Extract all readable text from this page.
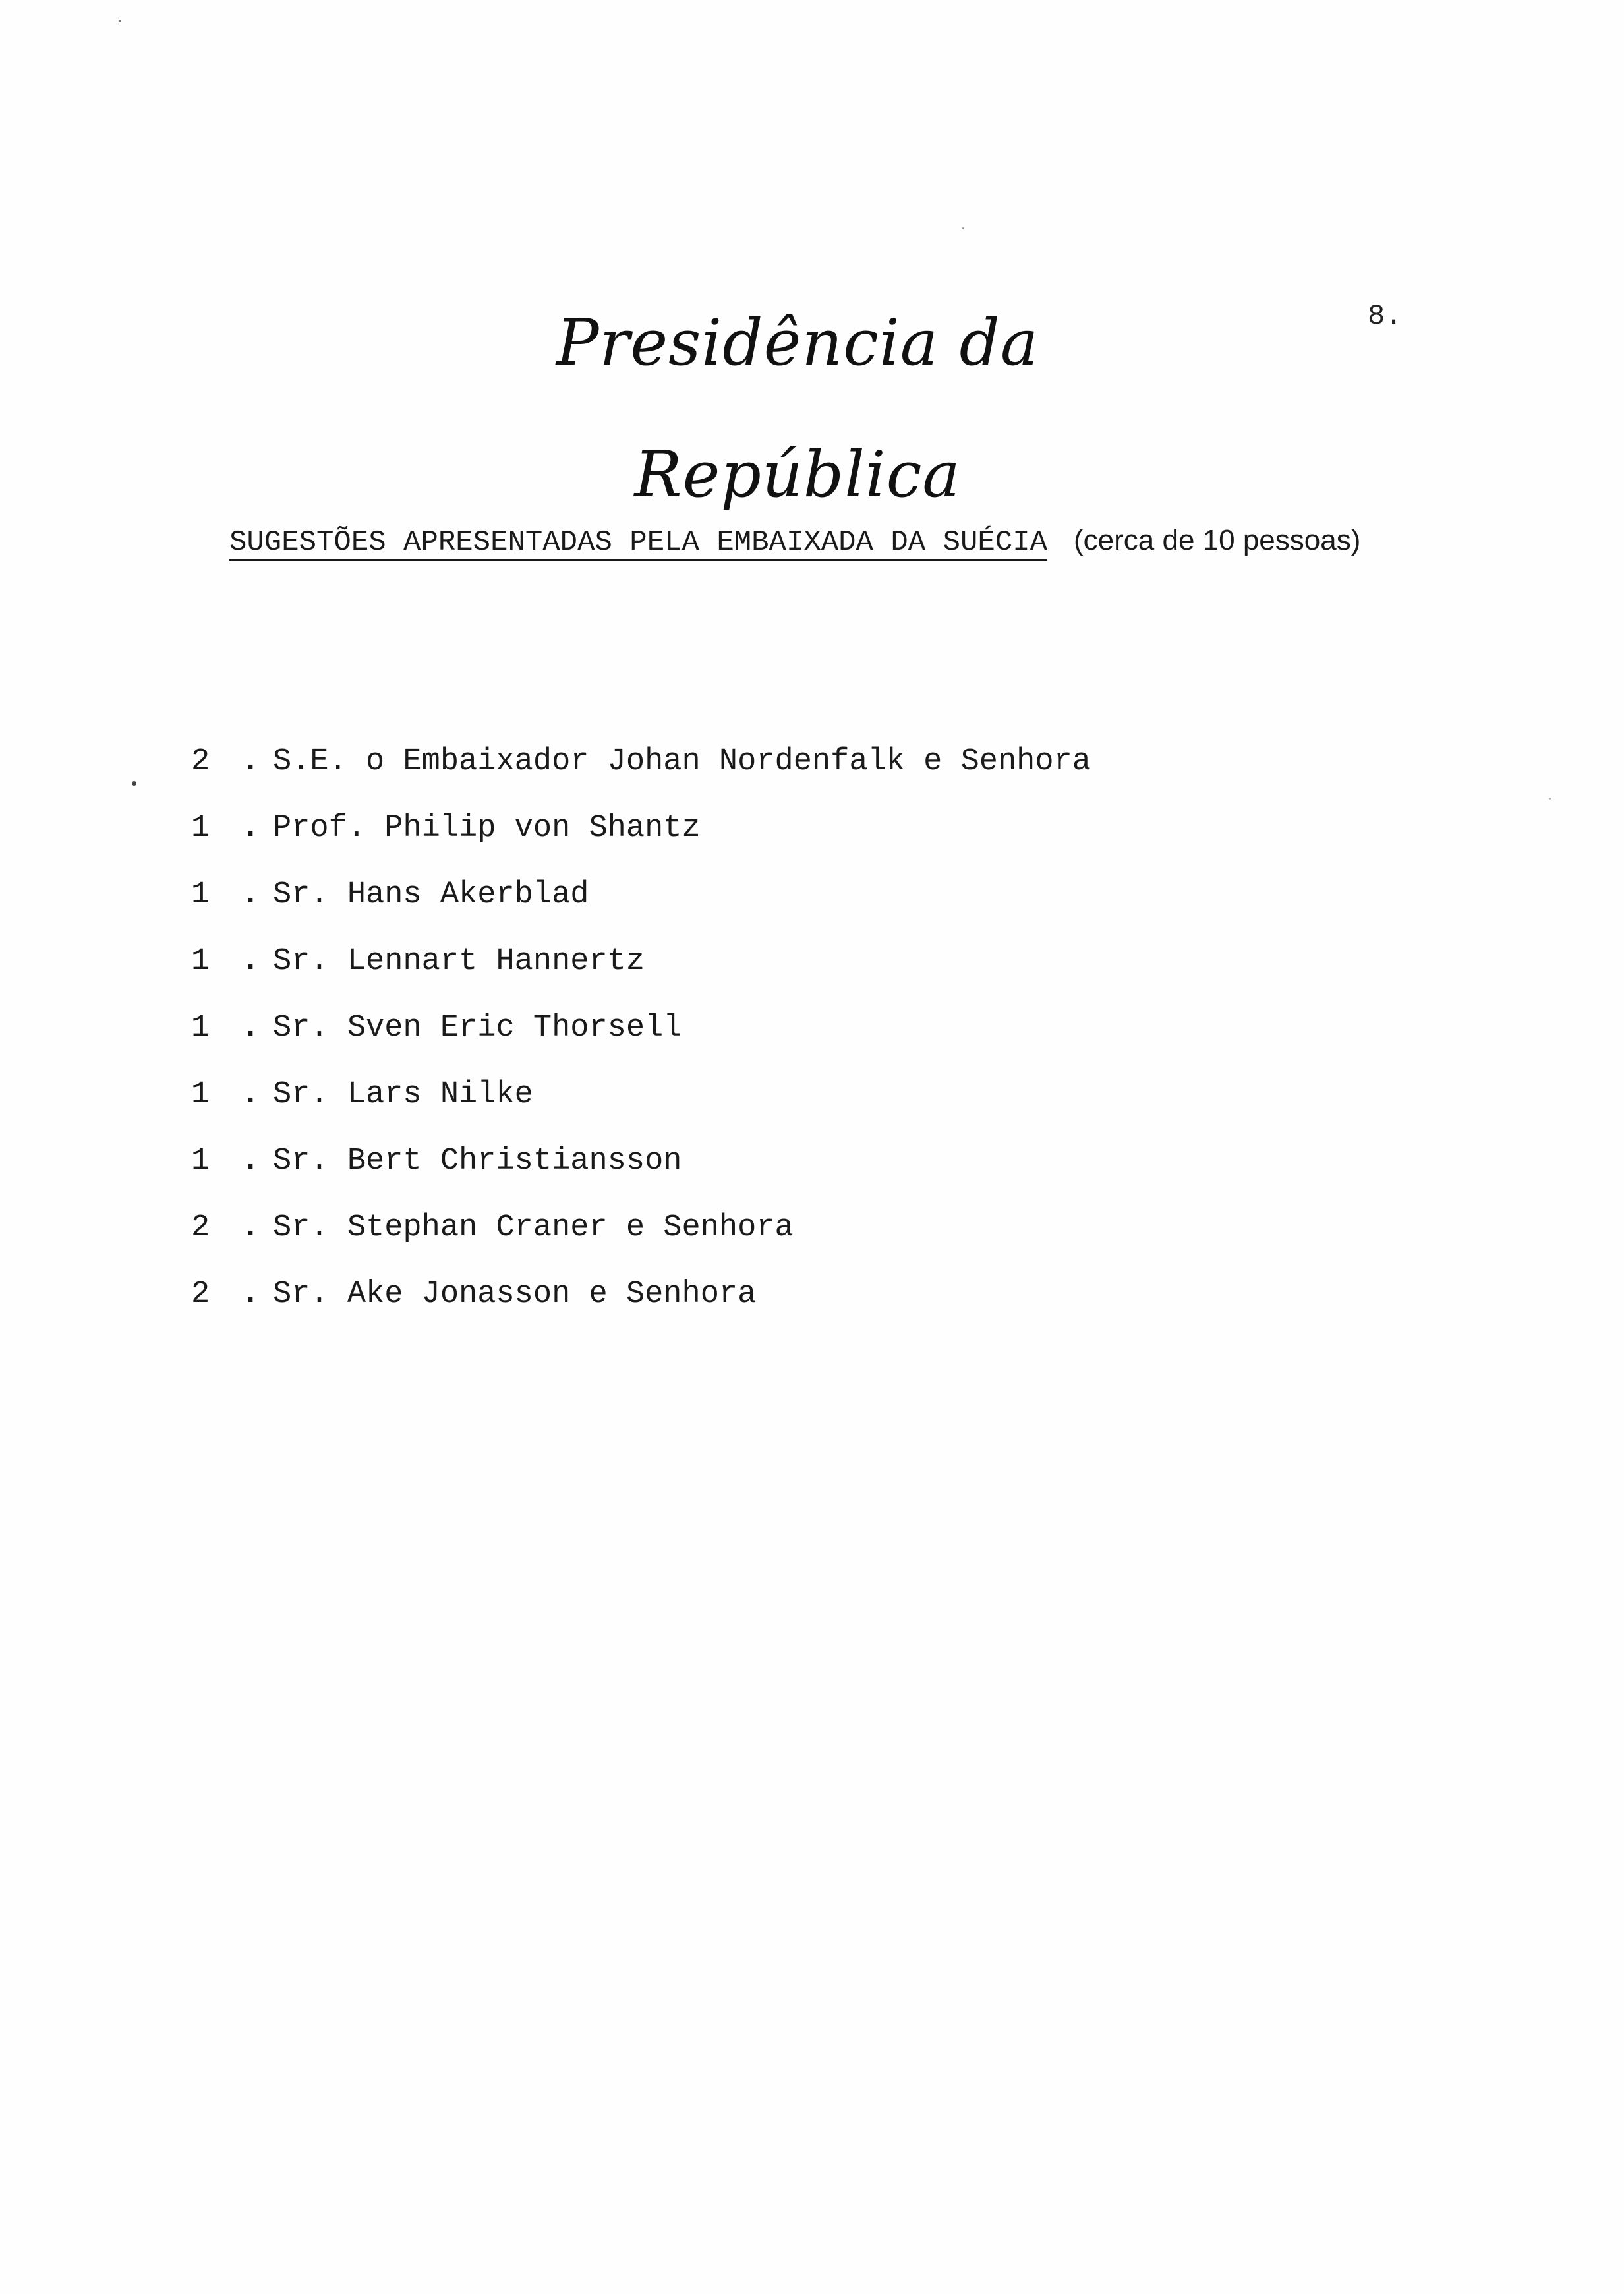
Presidência da República
8.
SUGESTÕES APRESENTADAS PELA EMBAIXADA DA SUÉCIA (cerca de 10 pessoas)
2	. S.E. o Embaixador Johan Nordenfalk e Senhora
1	. Prof. Philip von Shantz
1	. Sr. Hans Akerblad
1	. Sr. Lennart Hannertz
1	. Sr. Sven Eric Thorsell
1	. Sr. Lars Nilke
1	. Sr. Bert Christiansson
2	. Sr. Stephan Craner e Senhora
2	. Sr. Ake Jonasson e Senhora
